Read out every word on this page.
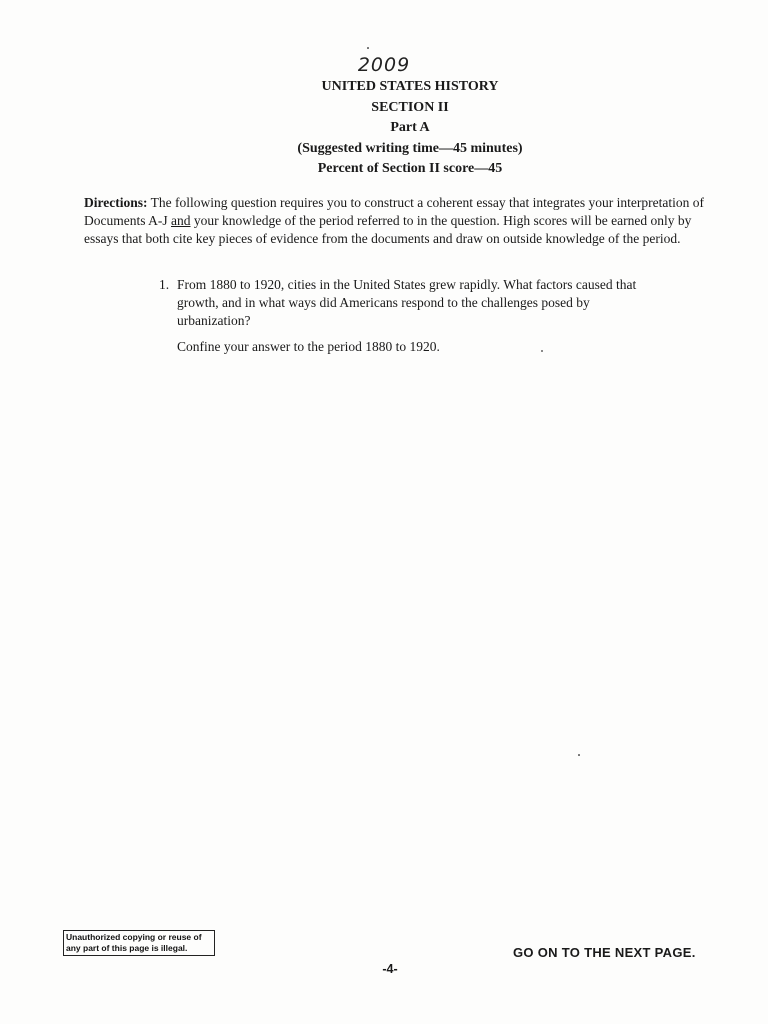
2009
UNITED STATES HISTORY
SECTION II
Part A
(Suggested writing time—45 minutes)
Percent of Section II score—45

Directions: The following question requires you to construct a coherent essay that integrates your interpretation of Documents A-J and your knowledge of the period referred to in the question. High scores will be earned only by essays that both cite key pieces of evidence from the documents and draw on outside knowledge of the period.

1. From 1880 to 1920, cities in the United States grew rapidly. What factors caused that growth, and in what ways did Americans respond to the challenges posed by urbanization?
Confine your answer to the period 1880 to 1920.
Unauthorized copying or reuse of
any part of this page is illegal.	GO ON TO THE NEXT PAGE.
-4-
